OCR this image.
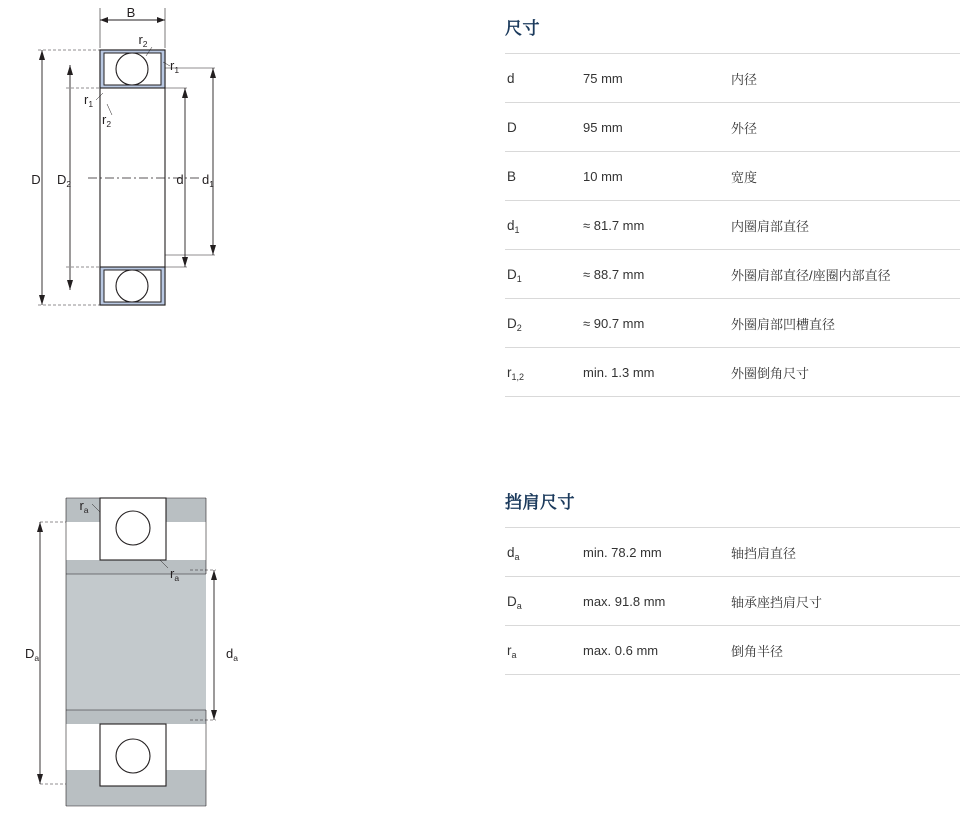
B
$r_2$
$r_1$
$r_1$
$r_2$
D $D_2$	d $d_1$
$r_a$
$r_a$
$D_a$	$d_a$
尺寸
d	75 mm	内径
D	95 mm	外径
B	10 mm	宽度
$d_1$	≈ 81.7 mm	内圈肩部直径
$D_1$	≈ 88.7 mm	外圈肩部直径/座圈内部直径
$D_2$	≈ 90.7 mm	外圈肩部凹槽直径
$r_{1,2}$	min. 1.3 mm	外圈倒角尺寸
挡肩尺寸
$d_a$	min. 78.2 mm	轴挡肩直径
$D_a$	max. 91.8 mm	轴承座挡肩尺寸
$r_a$	max. 0.6 mm	倒角半径
